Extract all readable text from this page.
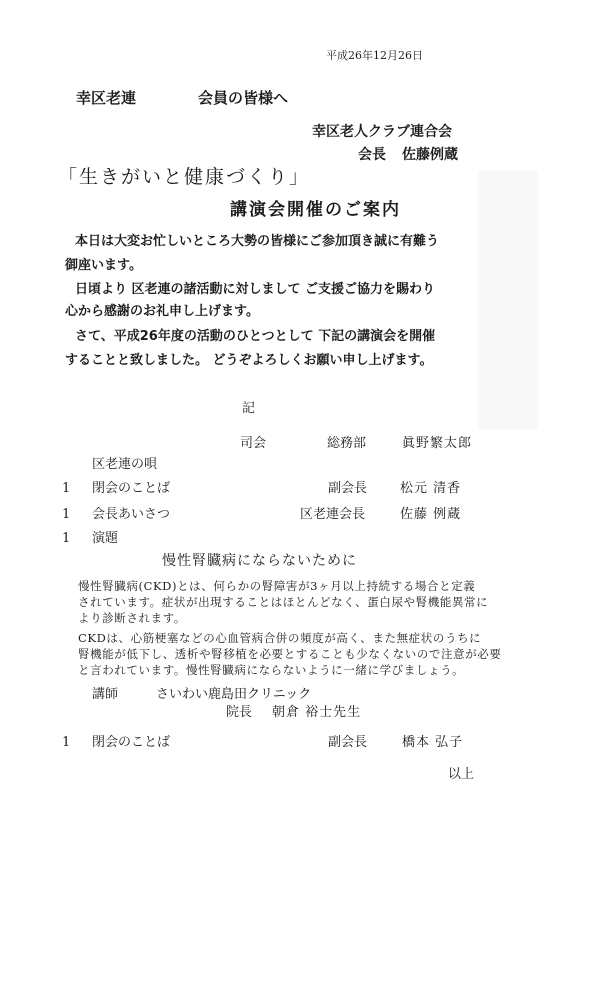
平成26年12月26日
幸区老連	会員の皆様へ
幸区老人クラブ連合会
会長 佐藤例蔵
「生きがいと健康づくり」
講演会開催のご案内
本日は大変お忙しいところ大勢の皆様にご参加頂き誠に有難う
御座います。
日頃より 区老連の諸活動に対しまして ご支援ご協力を賜わり
心から感謝のお礼申し上げます。
さて、平成26年度の活動のひとつとして 下記の講演会を開催
することと致しました。 どうぞよろしくお願い申し上げます。
記
司会	総務部	眞野繁太郎
区老連の唄
1 閉会のことば	副会長	松元 清香
1 会長あいさつ	区老連会長	佐藤 例蔵
1 演題
慢性腎臓病にならないために
慢性腎臓病(CKD)とは、何らかの腎障害が3ヶ月以上持続する場合と定義
されています。症状が出現することはほとんどなく、蛋白尿や腎機能異常に
より診断されます。
CKDは、心筋梗塞などの心血管病合併の頻度が高く、また無症状のうちに
腎機能が低下し、透析や腎移植を必要とすることも少なくないので注意が必要
と言われています。慢性腎臓病にならないように一緒に学びましょう。
講師	さいわい鹿島田クリニック
院長 朝倉 裕士先生
1 閉会のことば	副会長	橋本 弘子
以上
